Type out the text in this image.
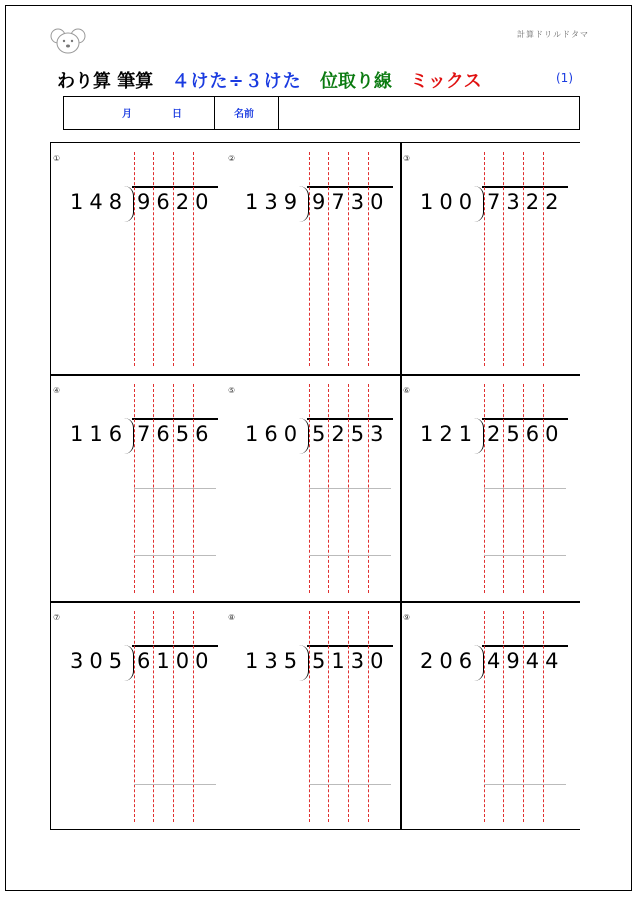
計算ドリルドタマ
わり算 筆算 ４けた÷３けた 位取り線 ミックス	(1)
月	日	名前
①
148 9620
②
139 9730
③
100 7322
④
116 7656
⑤
160 5253
⑥
121 2560
⑦
305 6100
⑧
135 5130
⑨
206 4944
